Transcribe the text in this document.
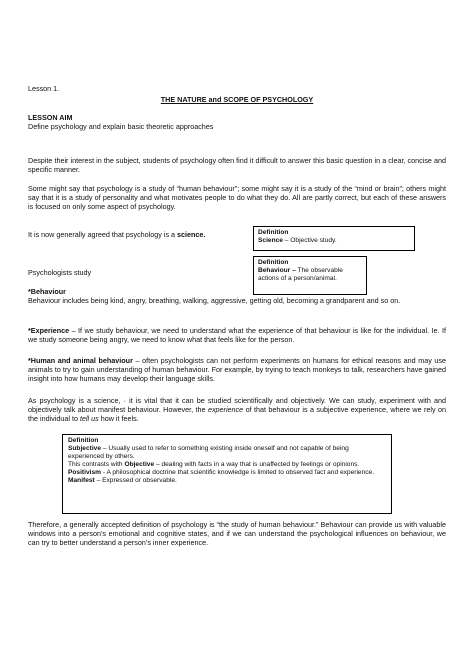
Lesson 1.

THE NATURE and SCOPE OF PSYCHOLOGY

LESSON AIM

Define psychology and explain basic theoretic approaches

Despite their interest in the subject, students of psychology often find it difficult to answer this basic question in a clear, concise and specific manner.

Some might say that psychology is a study of “human behaviour”; some might say it is a study of the “mind or brain”; others might say that it is a study of personality and what motivates people to do what they do. All are partly correct, but each of these answers is focused on only some aspect of psychology.

It is now generally agreed that psychology is a science.	Definition

Science – Objective study.

Definition

Behaviour – The observable actions of a person/animal.

Psychologists study

*Behaviour

Behaviour includes being kind, angry, breathing, walking, aggressive, getting old, becoming a grandparent and so on.

*Experience – If we study behaviour, we need to understand what the experience of that behaviour is like for the individual. Ie. If we study someone being angry, we need to know what that feels like for the person.

*Human and animal behaviour – often psychologists can not perform experiments on humans for ethical reasons and may use animals to try to gain understanding of human behaviour. For example, by trying to teach monkeys to talk, researchers have gained insight into how humans may develop their language skills.

As psychology is a science, · it is vital that it can be studied scientifically and objectively. We can study, experiment with and objectively talk about manifest behaviour. However, the experience of that behaviour is a subjective experience, where we rely on the individual to tell us how it feels.

Definition

Subjective – Usually used to refer to something existing inside oneself and not capable of being experienced by others.

This contrasts with Objective – dealing with facts in a way that is unaffected by feelings or opinions.

Positivism - A philosophical doctrine that scientific knowledge is limited to observed fact and experience.

Manifest – Expressed or observable.

Therefore, a generally accepted definition of psychology is “the study of human behaviour.” Behaviour can provide us with valuable windows into a person’s emotional and cognitive states, and if we can understand the psychological influences on behaviour, we can try to better understand a person’s inner experience.
